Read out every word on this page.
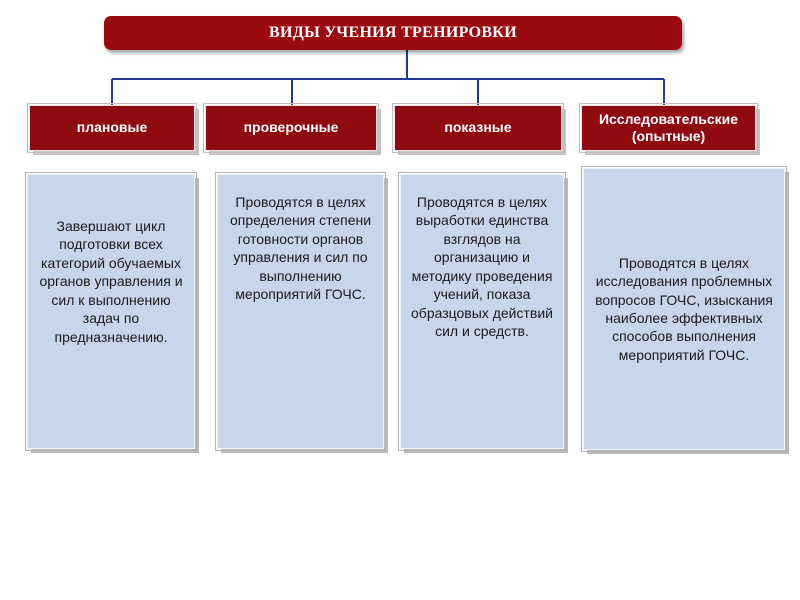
ВИДЫ УЧЕНИЯ ТРЕНИРОВКИ
плановые	проверочные	показные
Исследовательские (опытные)
Завершают цикл подготовки всех категорий обучаемых органов управления и сил к выполнению задач по предназначению.
Проводятся в целях определения степени готовности органов управления и сил по выполнению мероприятий ГОЧС.
Проводятся в целях выработки единства взглядов на организацию и методику проведения учений, показа образцовых действий сил и средств.
Проводятся в целях исследования проблемных вопросов ГОЧС, изыскания наиболее эффективных способов выполнения мероприятий ГОЧС.
